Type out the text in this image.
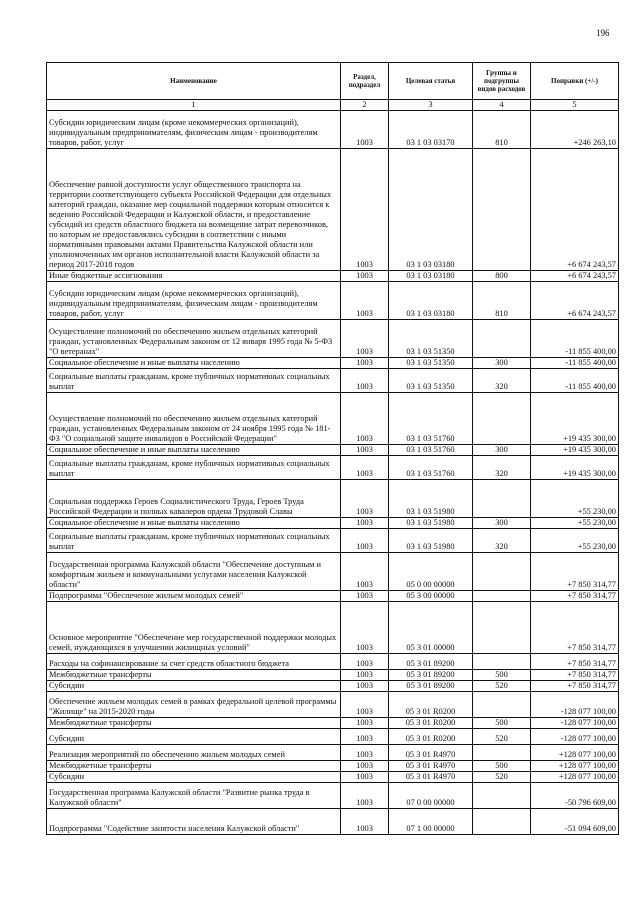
196
Наименование	Раздел, подраздел	Целевая статья	Группы и подгруппы видов расходов	Поправки (+/-)
1	2	3	4	5
Субсидии юридическим лицам (кроме некоммерческих организаций), индивидуальным предпринимателям, физическим лицам - производителям товаров, работ, услуг	1003	03 1 03 03170	810	+246 263,10
Обеспечение равной доступности услуг общественного транспорта на территории соответствующего субъекта Российской Федерации для отдельных категорий граждан, оказание мер социальной поддержки которым относится к ведению Российской Федерации и Калужской области, и предоставление субсидий из средств областного бюджета на возмещение затрат перевозчиков, по которым не предоставлялись субсидии в соответствии с иными нормативными правовыми актами Правительства Калужской области или уполномоченных им органов исполнительной власти Калужской области за период 2017-2018 годов	1003	03 1 03 03180		+6 674 243,57
Иные бюджетные ассигнования	1003	03 1 03 03180	800	+6 674 243,57
Субсидии юридическим лицам (кроме некоммерческих организаций), индивидуальным предпринимателям, физическим лицам - производителям товаров, работ, услуг	1003	03 1 03 03180	810	+6 674 243,57
Осуществление полномочий по обеспечению жильем отдельных категорий граждан, установленных Федеральным законом от 12 января 1995 года № 5-ФЗ "О ветеранах"	1003	03 1 03 51350		-11 855 400,00
Социальное обеспечение и иные выплаты населению	1003	03 1 03 51350	300	-11 855 400,00
Социальные выплаты гражданам, кроме публичных нормативных социальных выплат	1003	03 1 03 51350	320	-11 855 400,00
Осуществление полномочий по обеспечению жильем отдельных категорий граждан, установленных Федеральным законом от 24 ноября 1995 года № 181-ФЗ "О социальной защите инвалидов в Российской Федерации"	1003	03 1 03 51760		+19 435 300,00
Социальное обеспечение и иные выплаты населению	1003	03 1 03 51760	300	+19 435 300,00
Социальные выплаты гражданам, кроме публичных нормативных социальных выплат	1003	03 1 03 51760	320	+19 435 300,00
Социальная поддержка Героев Социалистического Труда, Героев Труда Российской Федерации и полных кавалеров ордена Трудовой Славы	1003	03 1 03 51980		+55 230,00
Социальное обеспечение и иные выплаты населению	1003	03 1 03 51980	300	+55 230,00
Социальные выплаты гражданам, кроме публичных нормативных социальных выплат	1003	03 1 03 51980	320	+55 230,00
Государственная программа Калужской области "Обеспечение доступным и комфортным жильем и коммунальными услугами населения Калужской области"	1003	05 0 00 00000		+7 850 314,77
Подпрограмма "Обеспечение жильем молодых семей"	1003	05 3 00 00000		+7 850 314,77
Основное мероприятие "Обеспечение мер государственной поддержки молодых семей, нуждающихся в улучшении жилищных условий"	1003	05 3 01 00000		+7 850 314,77
Расходы на софинансирование за счет средств областного бюджета	1003	05 3 01 89200		+7 850 314,77
Межбюджетные трансферты	1003	05 3 01 89200	500	+7 850 314,77
Субсидии	1003	05 3 01 89200	520	+7 850 314,77
Обеспечение жильем молодых семей в рамках федеральной целевой программы "Жилище" на 2015-2020 годы	1003	05 3 01 R0200		-128 077 100,00
Межбюджетные трансферты	1003	05 3 01 R0200	500	-128 077 100,00
Субсидии	1003	05 3 01 R0200	520	-128 077 100,00
Реализация мероприятий по обеспечению жильем молодых семей	1003	05 3 01 R4970		+128 077 100,00
Межбюджетные трансферты	1003	05 3 01 R4970	500	+128 077 100,00
Субсидии	1003	05 3 01 R4970	520	+128 077 100,00
Государственная программа Калужской области "Развитие рынка труда в Калужской области"	1003	07 0 00 00000		-50 796 609,00
Подпрограмма "Содействие занятости населения Калужской области"	1003	07 1 00 00000		-51 094 609,00
